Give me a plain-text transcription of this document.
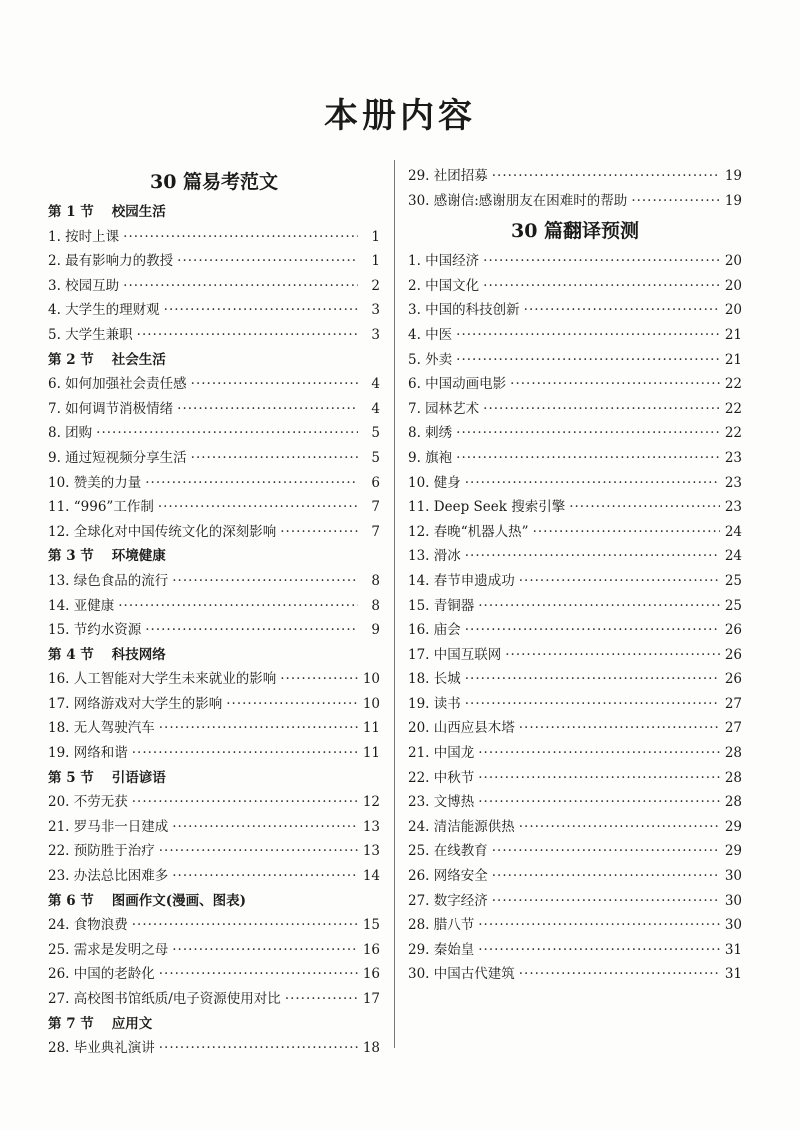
本册内容
30 篇易考范文
第 1 节 校园生活
1. 按时上课 ·····	1
2. 最有影响力的教授 ·····	1
3. 校园互助 ·····	2
4. 大学生的理财观 ·····	3
5. 大学生兼职 ·····	3
第 2 节 社会生活
6. 如何加强社会责任感 ·····	4
7. 如何调节消极情绪 ·····	4
8. 团购 ·····	5
9. 通过短视频分享生活 ·····	5
10. 赞美的力量 ·····	6
11. “996”工作制 ·····	7
12. 全球化对中国传统文化的深刻影响 ·····	7
第 3 节 环境健康
13. 绿色食品的流行 ·····	8
14. 亚健康 ·····	8
15. 节约水资源 ·····	9
第 4 节 科技网络
16. 人工智能对大学生未来就业的影响 ·····	10
17. 网络游戏对大学生的影响 ·····	10
18. 无人驾驶汽车 ·····	11
19. 网络和谐 ·····	11
第 5 节 引语谚语
20. 不劳无获 ·····	12
21. 罗马非一日建成 ·····	13
22. 预防胜于治疗 ·····	13
23. 办法总比困难多 ·····	14
第 6 节 图画作文(漫画、图表)
24. 食物浪费 ·····	15
25. 需求是发明之母 ·····	16
26. 中国的老龄化 ·····	16
27. 高校图书馆纸质/电子资源使用对比 ·····	17
第 7 节 应用文
28. 毕业典礼演讲 ·····	18
29. 社团招募 ·····	19
30. 感谢信:感谢朋友在困难时的帮助 ·····	19
30 篇翻译预测
1. 中国经济 ·····	20
2. 中国文化 ·····	20
3. 中国的科技创新 ·····	20
4. 中医 ·····	21
5. 外卖 ·····	21
6. 中国动画电影 ·····	22
7. 园林艺术 ·····	22
8. 刺绣 ·····	22
9. 旗袍 ·····	23
10. 健身 ·····	23
11. Deep Seek 搜索引擎 ·····	23
12. 春晚“机器人热” ·····	24
13. 滑冰 ·····	24
14. 春节申遗成功 ·····	25
15. 青铜器 ·····	25
16. 庙会 ·····	26
17. 中国互联网 ·····	26
18. 长城 ·····	26
19. 读书 ·····	27
20. 山西应县木塔 ·····	27
21. 中国龙 ·····	28
22. 中秋节 ·····	28
23. 文博热 ·····	28
24. 清洁能源供热 ·····	29
25. 在线教育 ·····	29
26. 网络安全 ·····	30
27. 数字经济 ·····	30
28. 腊八节 ·····	30
29. 秦始皇 ·····	31
30. 中国古代建筑 ·····	31
